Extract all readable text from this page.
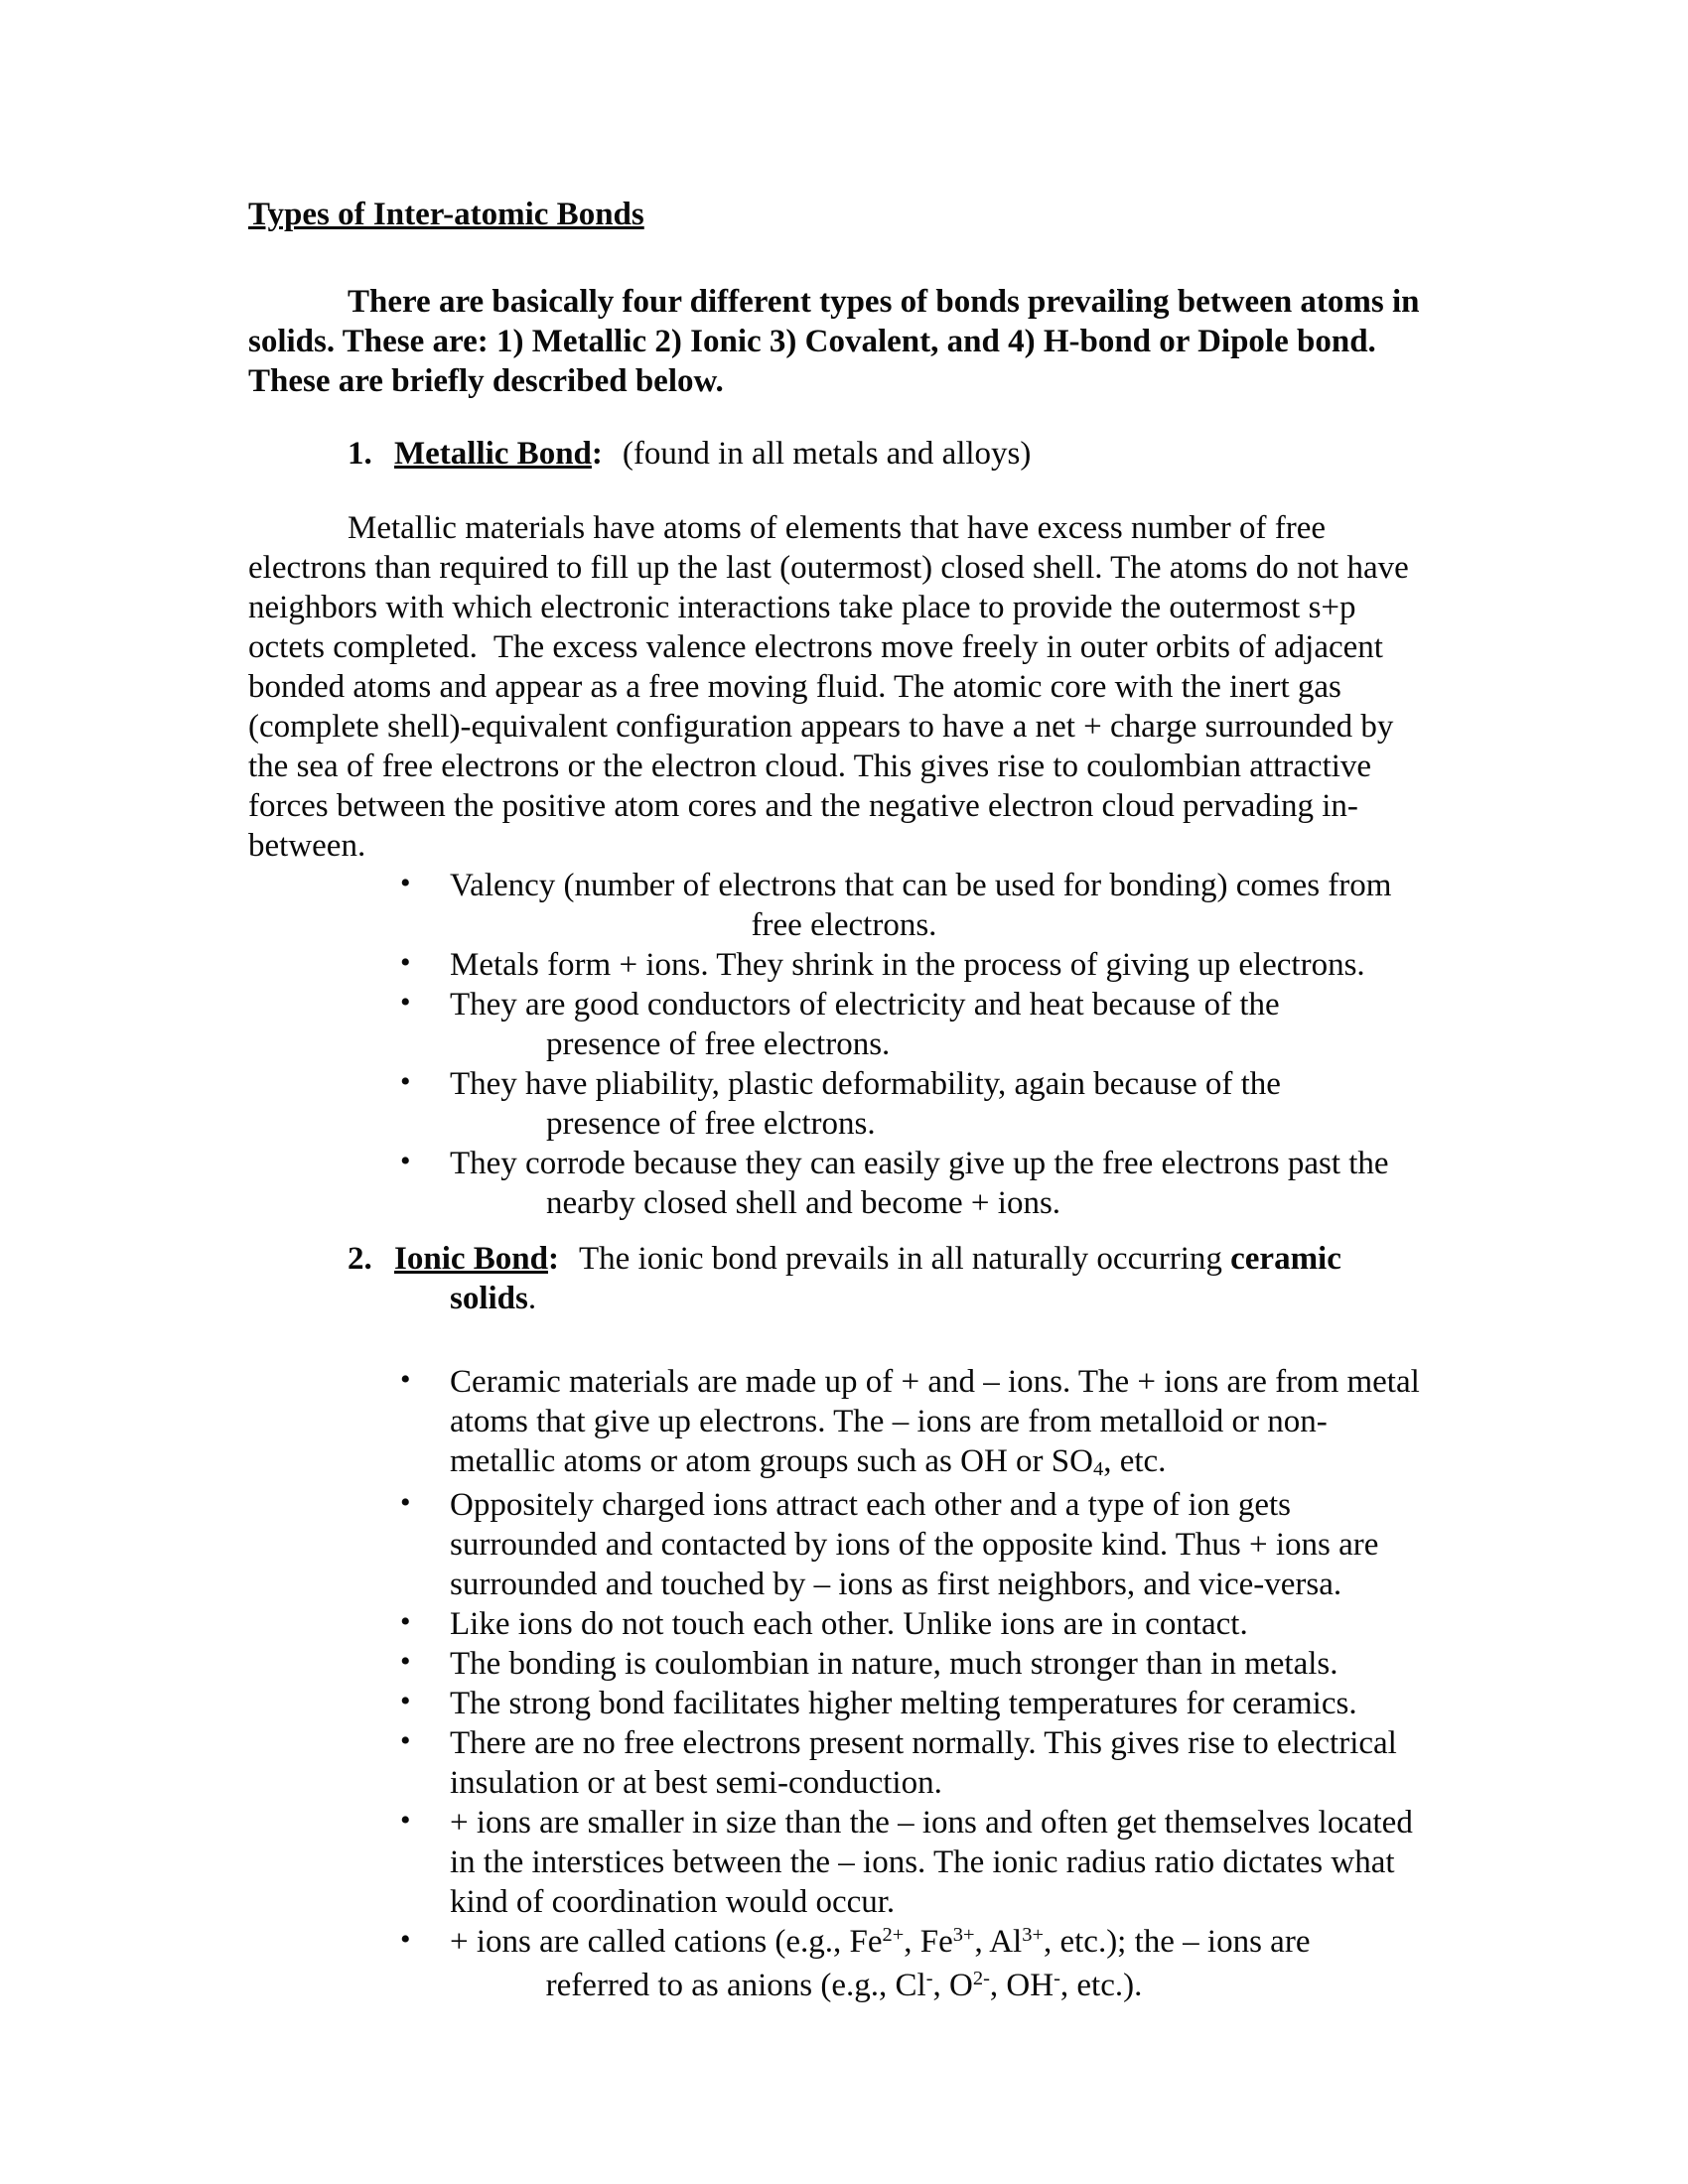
Types of Inter-atomic Bonds
There are basically four different types of bonds prevailing between atoms in
solids. These are: 1) Metallic 2) Ionic 3) Covalent, and 4) H-bond or Dipole bond.
These are briefly described below.
1. Metallic Bond: (found in all metals and alloys)
Metallic materials have atoms of elements that have excess number of free
electrons than required to fill up the last (outermost) closed shell. The atoms do not have
neighbors with which electronic interactions take place to provide the outermost s+p
octets completed.  The excess valence electrons move freely in outer orbits of adjacent
bonded atoms and appear as a free moving fluid. The atomic core with the inert gas
(complete shell)-equivalent configuration appears to have a net + charge surrounded by
the sea of free electrons or the electron cloud. This gives rise to coulombian attractive
forces between the positive atom cores and the negative electron cloud pervading in-
between.
• Valency (number of electrons that can be used for bonding) comes from
free electrons.
• Metals form + ions. They shrink in the process of giving up electrons.
• They are good conductors of electricity and heat because of the
presence of free electrons.
• They have pliability, plastic deformability, again because of the
presence of free elctrons.
• They corrode because they can easily give up the free electrons past the
nearby closed shell and become + ions.
2. Ionic Bond: The ionic bond prevails in all naturally occurring ceramic
solids.
• Ceramic materials are made up of + and – ions. The + ions are from metal
atoms that give up electrons. The – ions are from metalloid or non-
metallic atoms or atom groups such as OH or SO4, etc.
• Oppositely charged ions attract each other and a type of ion gets
surrounded and contacted by ions of the opposite kind. Thus + ions are
surrounded and touched by – ions as first neighbors, and vice-versa.
• Like ions do not touch each other. Unlike ions are in contact.
• The bonding is coulombian in nature, much stronger than in metals.
• The strong bond facilitates higher melting temperatures for ceramics.
• There are no free electrons present normally. This gives rise to electrical
insulation or at best semi-conduction.
• + ions are smaller in size than the – ions and often get themselves located
in the interstices between the – ions. The ionic radius ratio dictates what
kind of coordination would occur.
• + ions are called cations (e.g., $Fe^{2+}$, $Fe^{3+}$, $Al^{3+}$, etc.); the – ions are
referred to as anions (e.g., Cl-, $O^{2-}$, OH-, etc.).
